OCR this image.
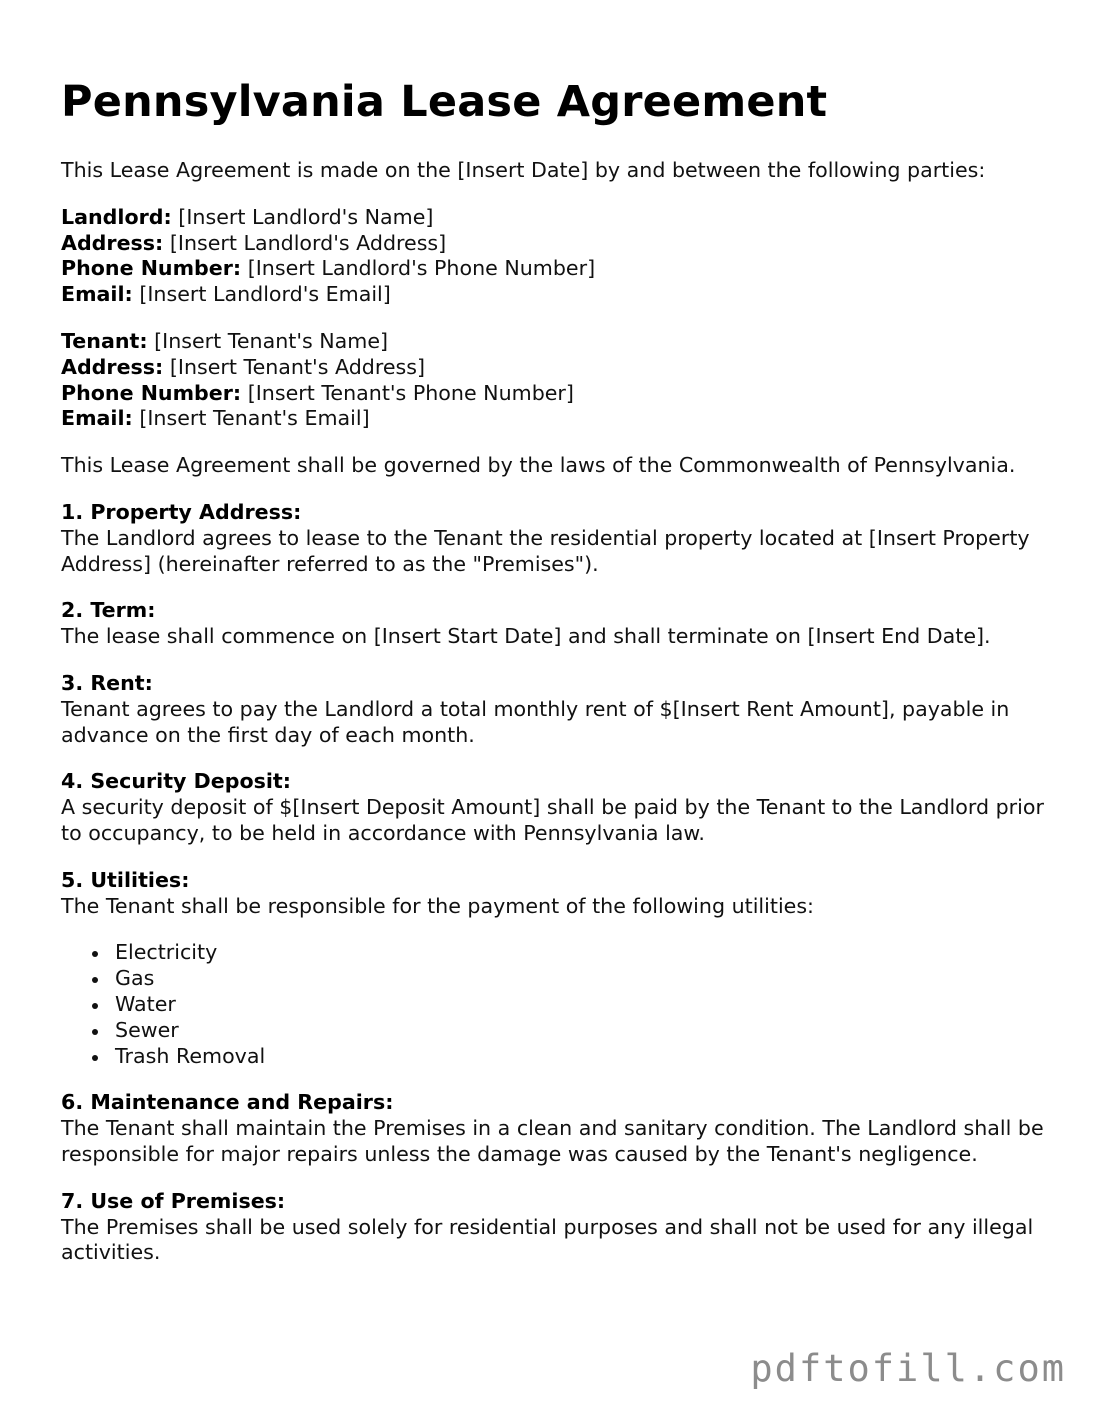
Pennsylvania Lease Agreement

This Lease Agreement is made on the [Insert Date] by and between the following parties:

Landlord: [Insert Landlord's Name]
Address: [Insert Landlord's Address]
Phone Number: [Insert Landlord's Phone Number]
Email: [Insert Landlord's Email]

Tenant: [Insert Tenant's Name]
Address: [Insert Tenant's Address]
Phone Number: [Insert Tenant's Phone Number]
Email: [Insert Tenant's Email]

This Lease Agreement shall be governed by the laws of the Commonwealth of Pennsylvania.

1. Property Address:
The Landlord agrees to lease to the Tenant the residential property located at [Insert Property Address] (hereinafter referred to as the "Premises").

2. Term:
The lease shall commence on [Insert Start Date] and shall terminate on [Insert End Date].

3. Rent:
Tenant agrees to pay the Landlord a total monthly rent of $[Insert Rent Amount], payable in advance on the first day of each month.

4. Security Deposit:
A security deposit of $[Insert Deposit Amount] shall be paid by the Tenant to the Landlord prior to occupancy, to be held in accordance with Pennsylvania law.

5. Utilities:
The Tenant shall be responsible for the payment of the following utilities:

Electricity
Gas
Water
Sewer
Trash Removal

6. Maintenance and Repairs:
The Tenant shall maintain the Premises in a clean and sanitary condition. The Landlord shall be responsible for major repairs unless the damage was caused by the Tenant's negligence.

7. Use of Premises:
The Premises shall be used solely for residential purposes and shall not be used for any illegal activities.

pdftofill.com
